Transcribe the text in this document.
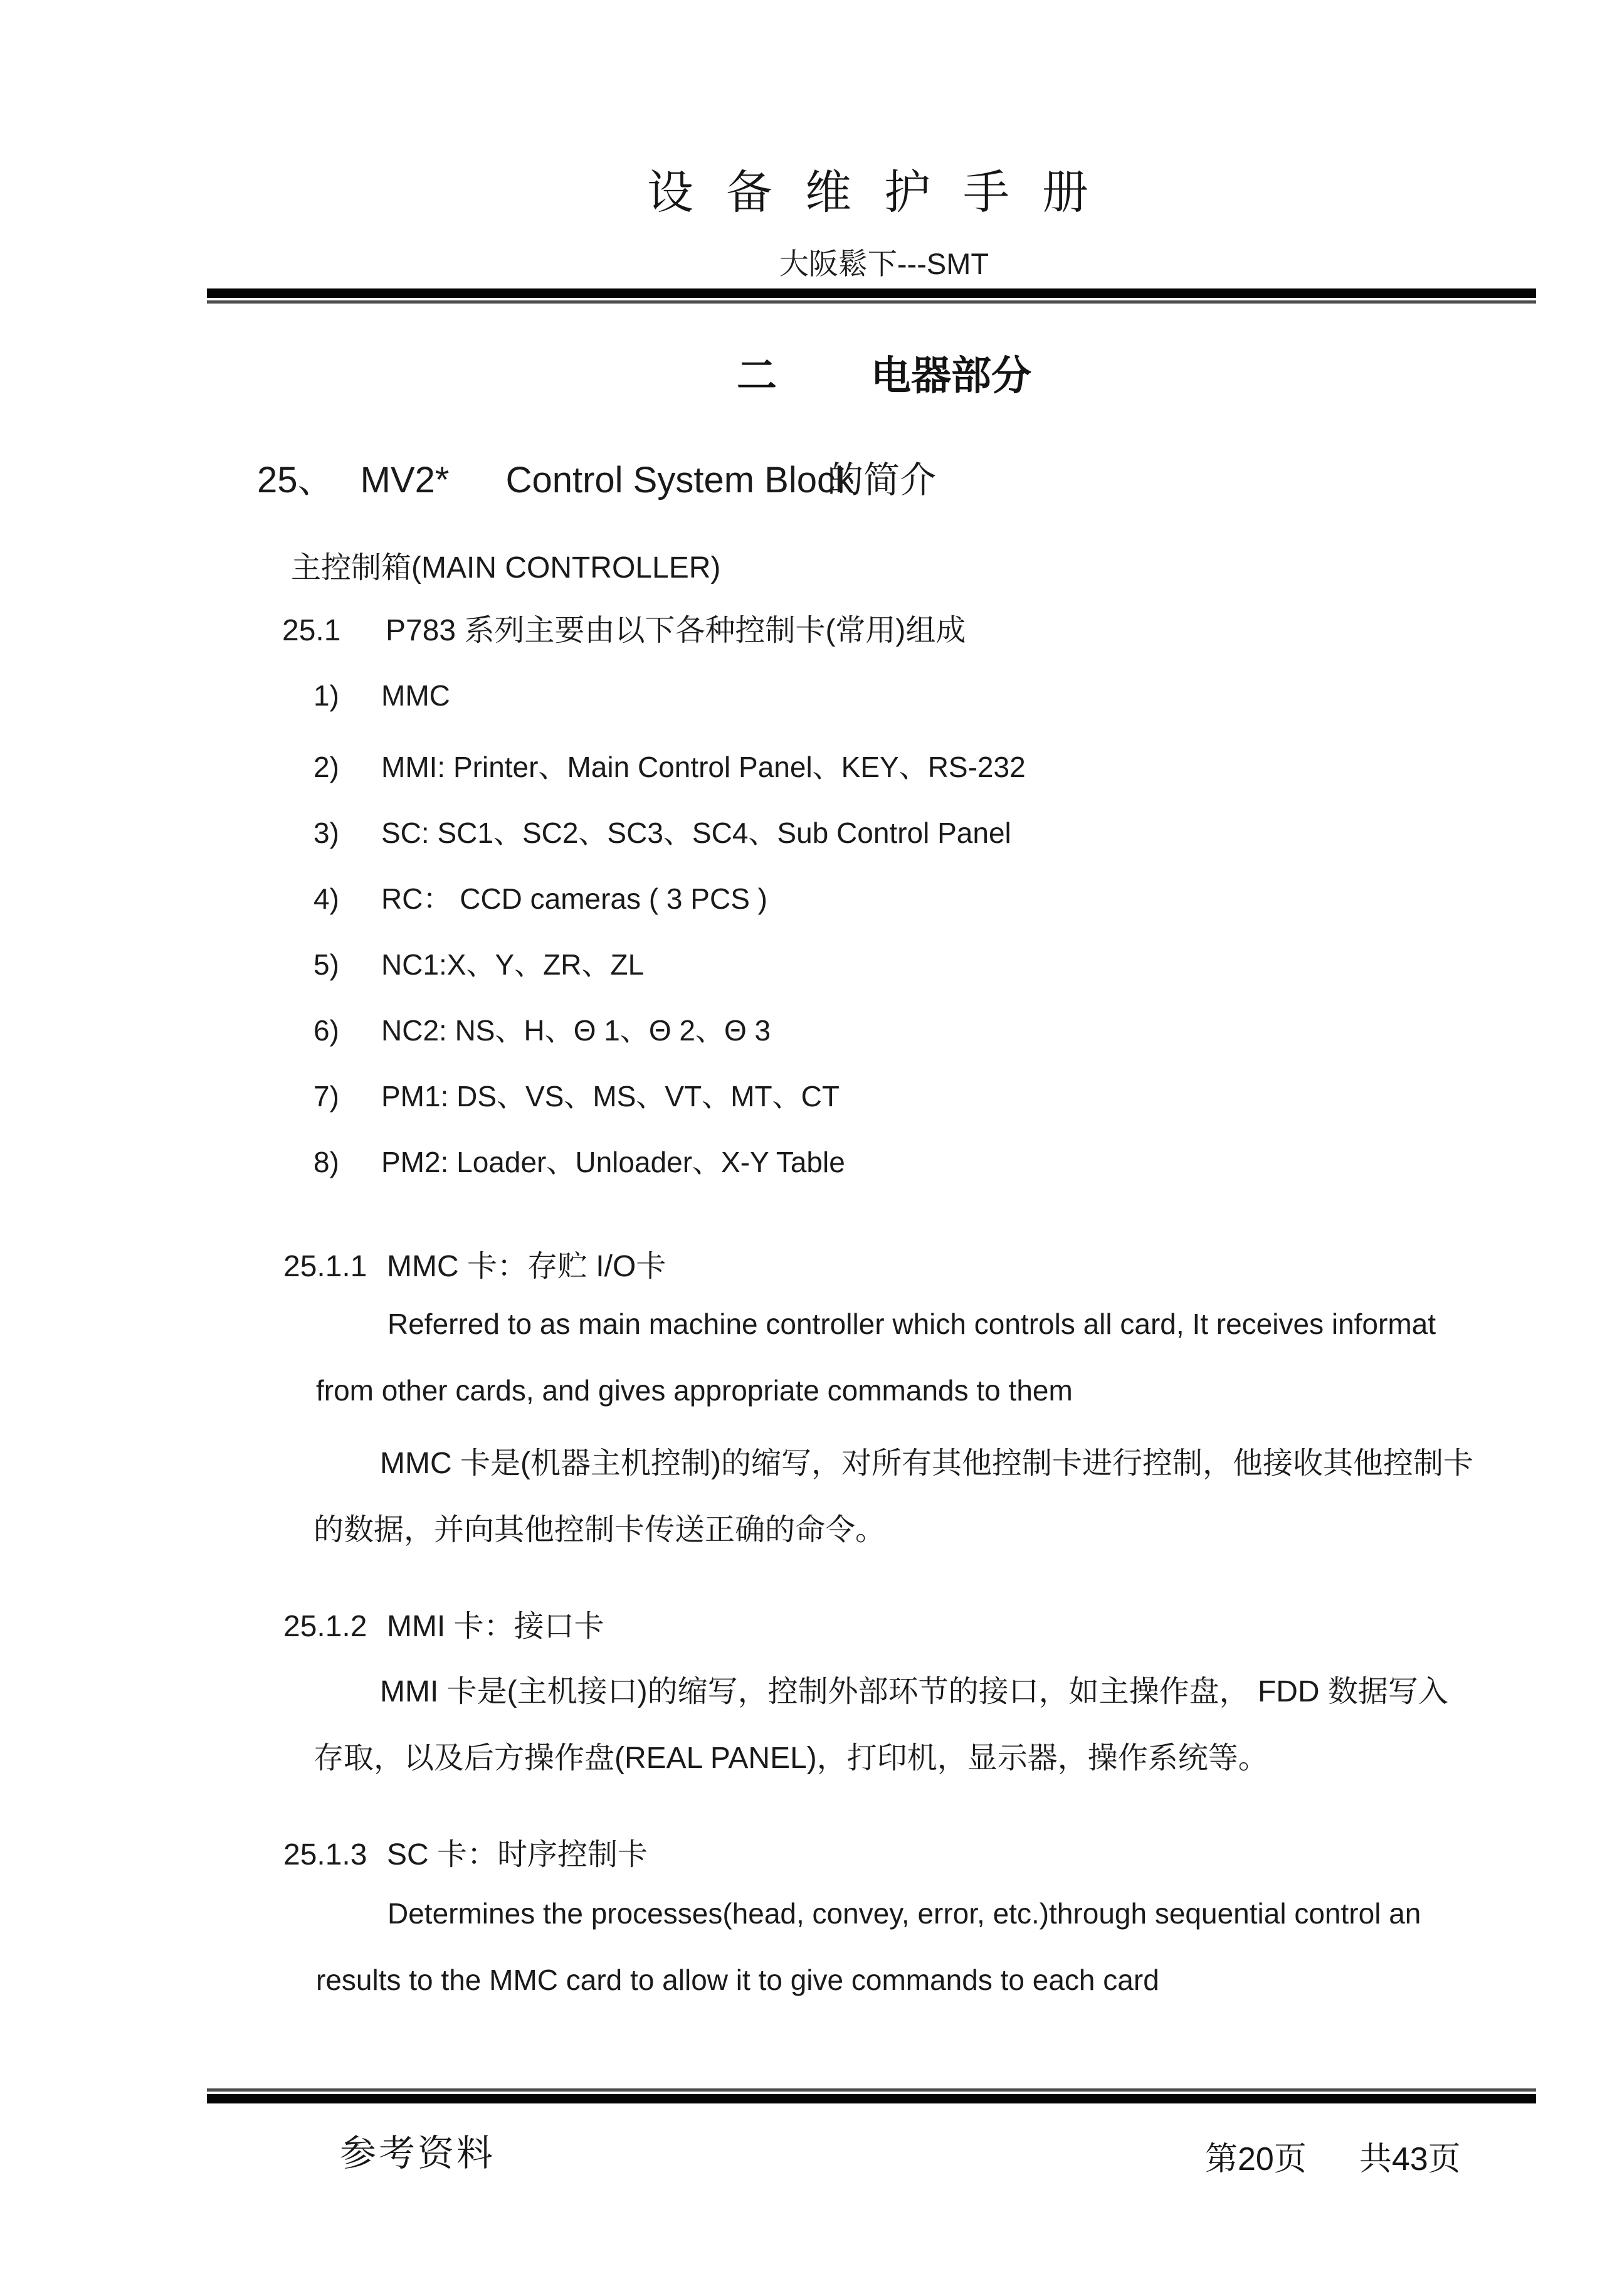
设备维护手册
大阪鬆下---SMT
二 电器部分
25、 MV2* Control System Block 的简介
主控制箱(MAIN CONTROLLER)
25.1 P783 系列主要由以下各种控制卡(常用)组成
1) MMC
2) MMI: Printer、Main Control Panel、KEY、RS-232
3) SC: SC1、SC2、SC3、SC4、Sub Control Panel
4) RC： CCD cameras ( 3 PCS )
5) NC1:X、Y、ZR、ZL
6) NC2: NS、H、Θ 1、Θ 2、Θ 3
7) PM1: DS、VS、MS、VT、MT、CT
8) PM2: Loader、Unloader、X-Y Table
25.1.1 MMC 卡：存贮 I/O卡
Referred to as main machine controller which controls all card, It receives informat
from other cards, and gives appropriate commands to them
MMC 卡是(机器主机控制)的缩写，对所有其他控制卡进行控制，他接收其他控制卡
的数据，并向其他控制卡传送正确的命令。
25.1.2 MMI 卡：接口卡
MMI 卡是(主机接口)的缩写，控制外部环节的接口，如主操作盘， FDD 数据写入
存取，以及后方操作盘(REAL PANEL)，打印机，显示器，操作系统等。
25.1.3 SC 卡：时序控制卡
Determines the processes(head, convey, error, etc.)through sequential control an
results to the MMC card to allow it to give commands to each card
参考资料	第20页 共43页
